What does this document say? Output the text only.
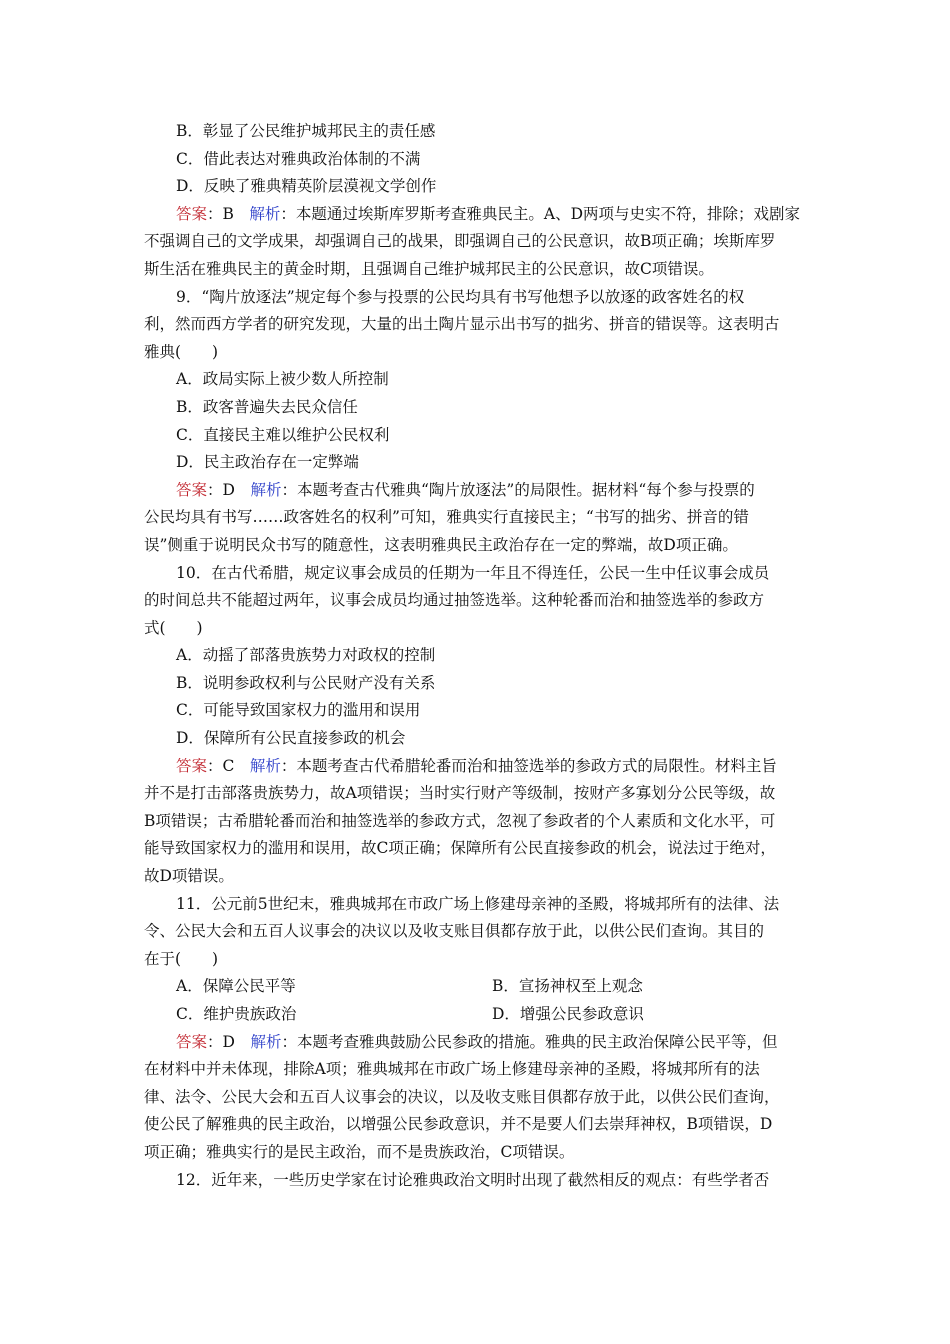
B．彰显了公民维护城邦民主的责任感
C．借此表达对雅典政治体制的不满
D．反映了雅典精英阶层漠视文学创作
答案：B　解析：本题通过埃斯库罗斯考查雅典民主。A、D两项与史实不符，排除；戏剧家
不强调自己的文学成果，却强调自己的战果，即强调自己的公民意识，故B项正确；埃斯库罗
斯生活在雅典民主的黄金时期，且强调自己维护城邦民主的公民意识，故C项错误。
9．“陶片放逐法”规定每个参与投票的公民均具有书写他想予以放逐的政客姓名的权
利，然而西方学者的研究发现，大量的出土陶片显示出书写的拙劣、拼音的错误等。这表明古
雅典(　　)
A．政局实际上被少数人所控制
B．政客普遍失去民众信任
C．直接民主难以维护公民权利
D．民主政治存在一定弊端
答案：D　解析：本题考查古代雅典“陶片放逐法”的局限性。据材料“每个参与投票的
公民均具有书写……政客姓名的权利”可知，雅典实行直接民主；“书写的拙劣、拼音的错
误”侧重于说明民众书写的随意性，这表明雅典民主政治存在一定的弊端，故D项正确。
10．在古代希腊，规定议事会成员的任期为一年且不得连任，公民一生中任议事会成员
的时间总共不能超过两年，议事会成员均通过抽签选举。这种轮番而治和抽签选举的参政方
式(　　)
A．动摇了部落贵族势力对政权的控制
B．说明参政权利与公民财产没有关系
C．可能导致国家权力的滥用和误用
D．保障所有公民直接参政的机会
答案：C　解析：本题考查古代希腊轮番而治和抽签选举的参政方式的局限性。材料主旨
并不是打击部落贵族势力，故A项错误；当时实行财产等级制，按财产多寡划分公民等级，故
B项错误；古希腊轮番而治和抽签选举的参政方式，忽视了参政者的个人素质和文化水平，可
能导致国家权力的滥用和误用，故C项正确；保障所有公民直接参政的机会，说法过于绝对，
故D项错误。
11．公元前5世纪末，雅典城邦在市政广场上修建母亲神的圣殿，将城邦所有的法律、法
令、公民大会和五百人议事会的决议以及收支账目俱都存放于此，以供公民们查询。其目的
在于(　　)
A．保障公民平等	B．宣扬神权至上观念
C．维护贵族政治	D．增强公民参政意识
答案：D　解析：本题考查雅典鼓励公民参政的措施。雅典的民主政治保障公民平等，但
在材料中并未体现，排除A项；雅典城邦在市政广场上修建母亲神的圣殿，将城邦所有的法
律、法令、公民大会和五百人议事会的决议，以及收支账目俱都存放于此，以供公民们查询，
使公民了解雅典的民主政治，以增强公民参政意识，并不是要人们去崇拜神权，B项错误，D
项正确；雅典实行的是民主政治，而不是贵族政治，C项错误。
12．近年来，一些历史学家在讨论雅典政治文明时出现了截然相反的观点：有些学者否
